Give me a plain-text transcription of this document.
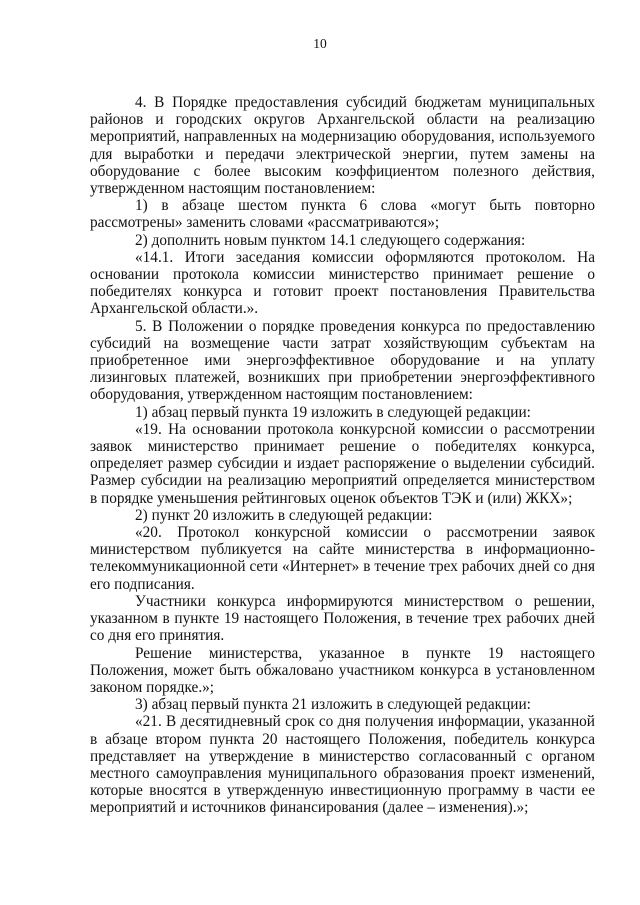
10

4. В Порядке предоставления субсидий бюджетам муниципальных районов и городских округов Архангельской области на реализацию мероприятий, направленных на модернизацию оборудования, используемого для выработки и передачи электрической энергии, путем замены на оборудование с более высоким коэффициентом полезного действия, утвержденном настоящим постановлением:

1) в абзаце шестом пункта 6 слова «могут быть повторно рассмотрены» заменить словами «рассматриваются»;

2) дополнить новым пунктом 14.1 следующего содержания:

«14.1. Итоги заседания комиссии оформляются протоколом. На основании протокола комиссии министерство принимает решение о победителях конкурса и готовит проект постановления Правительства Архангельской области.».

5. В Положении о порядке проведения конкурса по предоставлению субсидий на возмещение части затрат хозяйствующим субъектам на приобретенное ими энергоэффективное оборудование и на уплату лизинговых платежей, возникших при приобретении энергоэффективного оборудования, утвержденном настоящим постановлением:

1) абзац первый пункта 19 изложить в следующей редакции:

«19. На основании протокола конкурсной комиссии о рассмотрении заявок министерство принимает решение о победителях конкурса, определяет размер субсидии и издает распоряжение о выделении субсидий. Размер субсидии на реализацию мероприятий определяется министерством в порядке уменьшения рейтинговых оценок объектов ТЭК и (или) ЖКХ»;

2) пункт 20 изложить в следующей редакции:

«20. Протокол конкурсной комиссии о рассмотрении заявок министерством публикуется на сайте министерства в информационно-телекоммуникационной сети «Интернет» в течение трех рабочих дней со дня его подписания.

Участники конкурса информируются министерством о решении, указанном в пункте 19 настоящего Положения, в течение трех рабочих дней со дня его принятия.

Решение министерства, указанное в пункте 19 настоящего Положения, может быть обжаловано участником конкурса в установленном законом порядке.»;

3) абзац первый пункта 21 изложить в следующей редакции:

«21. В десятидневный срок со дня получения информации, указанной в абзаце втором пункта 20 настоящего Положения, победитель конкурса представляет на утверждение в министерство согласованный с органом местного самоуправления муниципального образования проект изменений, которые вносятся в утвержденную инвестиционную программу в части ее мероприятий и источников финансирования (далее – изменения).»;
